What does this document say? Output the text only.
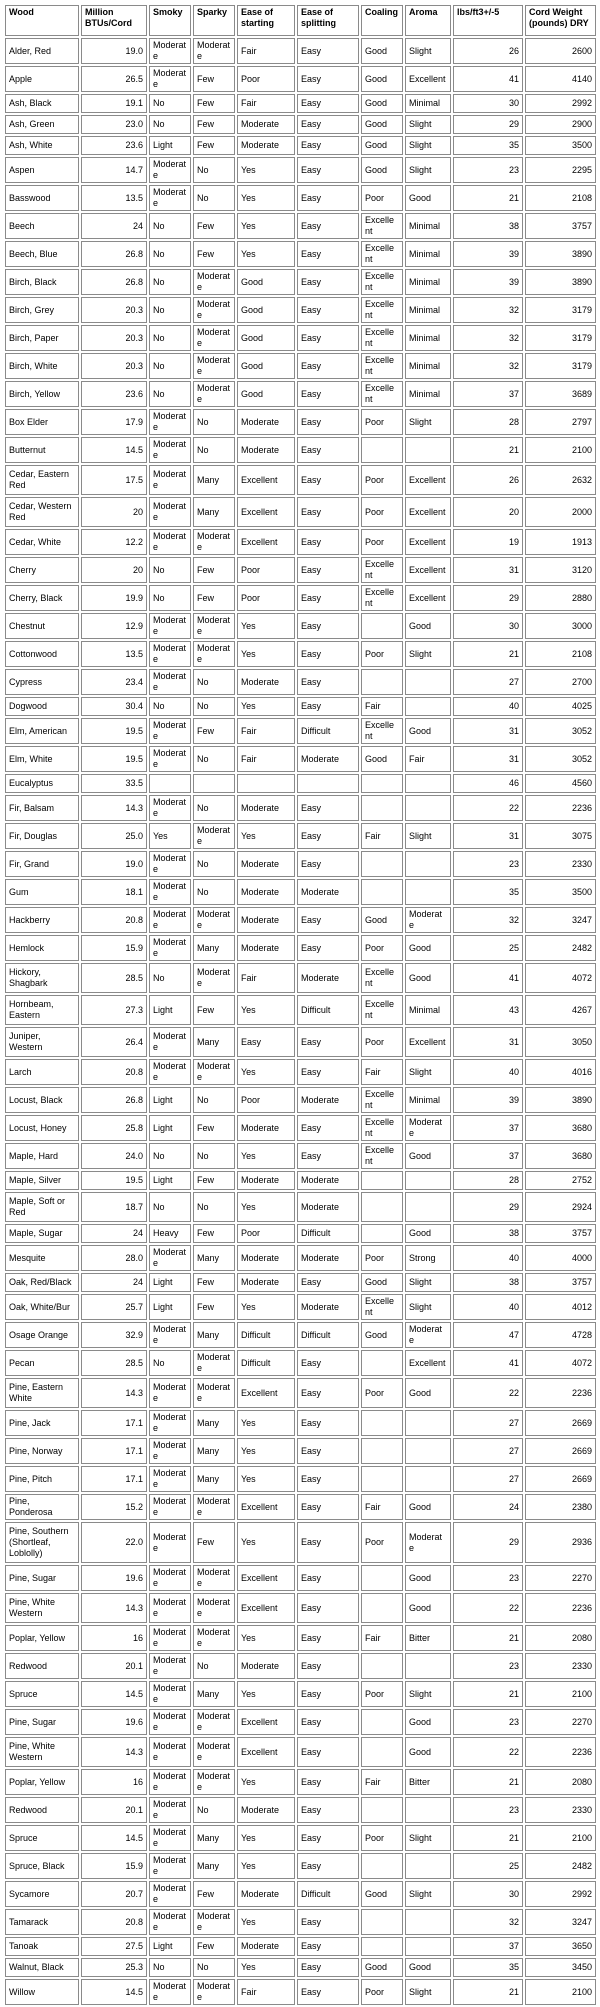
Wood	Million BTUs/Cord	Smoky	Sparky	Ease of starting	Ease of splitting	Coaling	Aroma	lbs/ft3+/-5	Cord Weight (pounds) DRY
Alder, Red	19.0	Moderate	Moderate	Fair	Easy	Good	Slight	26	2600
Apple	26.5	Moderate	Few	Poor	Easy	Good	Excellent	41	4140
Ash, Black	19.1	No	Few	Fair	Easy	Good	Minimal	30	2992
Ash, Green	23.0	No	Few	Moderate	Easy	Good	Slight	29	2900
Ash, White	23.6	Light	Few	Moderate	Easy	Good	Slight	35	3500
Aspen	14.7	Moderate	No	Yes	Easy	Good	Slight	23	2295
Basswood	13.5	Moderate	No	Yes	Easy	Poor	Good	21	2108
Beech	24	No	Few	Yes	Easy	Excellent	Minimal	38	3757
Beech, Blue	26.8	No	Few	Yes	Easy	Excellent	Minimal	39	3890
Birch, Black	26.8	No	Moderate	Good	Easy	Excellent	Minimal	39	3890
Birch, Grey	20.3	No	Moderate	Good	Easy	Excellent	Minimal	32	3179
Birch, Paper	20.3	No	Moderate	Good	Easy	Excellent	Minimal	32	3179
Birch, White	20.3	No	Moderate	Good	Easy	Excellent	Minimal	32	3179
Birch, Yellow	23.6	No	Moderate	Good	Easy	Excellent	Minimal	37	3689
Box Elder	17.9	Moderate	No	Moderate	Easy	Poor	Slight	28	2797
Butternut	14.5	Moderate	No	Moderate	Easy			21	2100
Cedar, Eastern Red	17.5	Moderate	Many	Excellent	Easy	Poor	Excellent	26	2632
Cedar, Western Red	20	Moderate	Many	Excellent	Easy	Poor	Excellent	20	2000
Cedar, White	12.2	Moderate	Moderate	Excellent	Easy	Poor	Excellent	19	1913
Cherry	20	No	Few	Poor	Easy	Excellent	Excellent	31	3120
Cherry, Black	19.9	No	Few	Poor	Easy	Excellent	Excellent	29	2880
Chestnut	12.9	Moderate	Moderate	Yes	Easy		Good	30	3000
Cottonwood	13.5	Moderate	Moderate	Yes	Easy	Poor	Slight	21	2108
Cypress	23.4	Moderate	No	Moderate	Easy			27	2700
Dogwood	30.4	No	No	Yes	Easy	Fair		40	4025
Elm, American	19.5	Moderate	Few	Fair	Difficult	Excellent	Good	31	3052
Elm, White	19.5	Moderate	No	Fair	Moderate	Good	Fair	31	3052
Eucalyptus	33.5							46	4560
Fir, Balsam	14.3	Moderate	No	Moderate	Easy			22	2236
Fir, Douglas	25.0	Yes	Moderate	Yes	Easy	Fair	Slight	31	3075
Fir, Grand	19.0	Moderate	No	Moderate	Easy			23	2330
Gum	18.1	Moderate	No	Moderate	Moderate			35	3500
Hackberry	20.8	Moderate	Moderate	Moderate	Easy	Good	Moderate	32	3247
Hemlock	15.9	Moderate	Many	Moderate	Easy	Poor	Good	25	2482
Hickory, Shagbark	28.5	No	Moderate	Fair	Moderate	Excellent	Good	41	4072
Hornbeam, Eastern	27.3	Light	Few	Yes	Difficult	Excellent	Minimal	43	4267
Juniper, Western	26.4	Moderate	Many	Easy	Easy	Poor	Excellent	31	3050
Larch	20.8	Moderate	Moderate	Yes	Easy	Fair	Slight	40	4016
Locust, Black	26.8	Light	No	Poor	Moderate	Excellent	Minimal	39	3890
Locust, Honey	25.8	Light	Few	Moderate	Easy	Excellent	Moderate	37	3680
Maple, Hard	24.0	No	No	Yes	Easy	Excellent	Good	37	3680
Maple, Silver	19.5	Light	Few	Moderate	Moderate			28	2752
Maple, Soft or Red	18.7	No	No	Yes	Moderate			29	2924
Maple, Sugar	24	Heavy	Few	Poor	Difficult		Good	38	3757
Mesquite	28.0	Moderate	Many	Moderate	Moderate	Poor	Strong	40	4000
Oak, Red/Black	24	Light	Few	Moderate	Easy	Good	Slight	38	3757
Oak, White/Bur	25.7	Light	Few	Yes	Moderate	Excellent	Slight	40	4012
Osage Orange	32.9	Moderate	Many	Difficult	Difficult	Good	Moderate	47	4728
Pecan	28.5	No	Moderate	Difficult	Easy		Excellent	41	4072
Pine, Eastern White	14.3	Moderate	Moderate	Excellent	Easy	Poor	Good	22	2236
Pine, Jack	17.1	Moderate	Many	Yes	Easy			27	2669
Pine, Norway	17.1	Moderate	Many	Yes	Easy			27	2669
Pine, Pitch	17.1	Moderate	Many	Yes	Easy			27	2669
Pine, Ponderosa	15.2	Moderate	Moderate	Excellent	Easy	Fair	Good	24	2380
Pine, Southern (Shortleaf, Loblolly)	22.0	Moderate	Few	Yes	Easy	Poor	Moderate	29	2936
Pine, Sugar	19.6	Moderate	Moderate	Excellent	Easy		Good	23	2270
Pine, White Western	14.3	Moderate	Moderate	Excellent	Easy		Good	22	2236
Poplar, Yellow	16	Moderate	Moderate	Yes	Easy	Fair	Bitter	21	2080
Redwood	20.1	Moderate	No	Moderate	Easy			23	2330
Spruce	14.5	Moderate	Many	Yes	Easy	Poor	Slight	21	2100
Pine, Sugar	19.6	Moderate	Moderate	Excellent	Easy		Good	23	2270
Pine, White Western	14.3	Moderate	Moderate	Excellent	Easy		Good	22	2236
Poplar, Yellow	16	Moderate	Moderate	Yes	Easy	Fair	Bitter	21	2080
Redwood	20.1	Moderate	No	Moderate	Easy			23	2330
Spruce	14.5	Moderate	Many	Yes	Easy	Poor	Slight	21	2100
Spruce, Black	15.9	Moderate	Many	Yes	Easy			25	2482
Sycamore	20.7	Moderate	Few	Moderate	Difficult	Good	Slight	30	2992
Tamarack	20.8	Moderate	Moderate	Yes	Easy			32	3247
Tanoak	27.5	Light	Few	Moderate	Easy			37	3650
Walnut, Black	25.3	No	No	Yes	Easy	Good	Good	35	3450
Willow	14.5	Moderate	Moderate	Fair	Easy	Poor	Slight	21	2100
